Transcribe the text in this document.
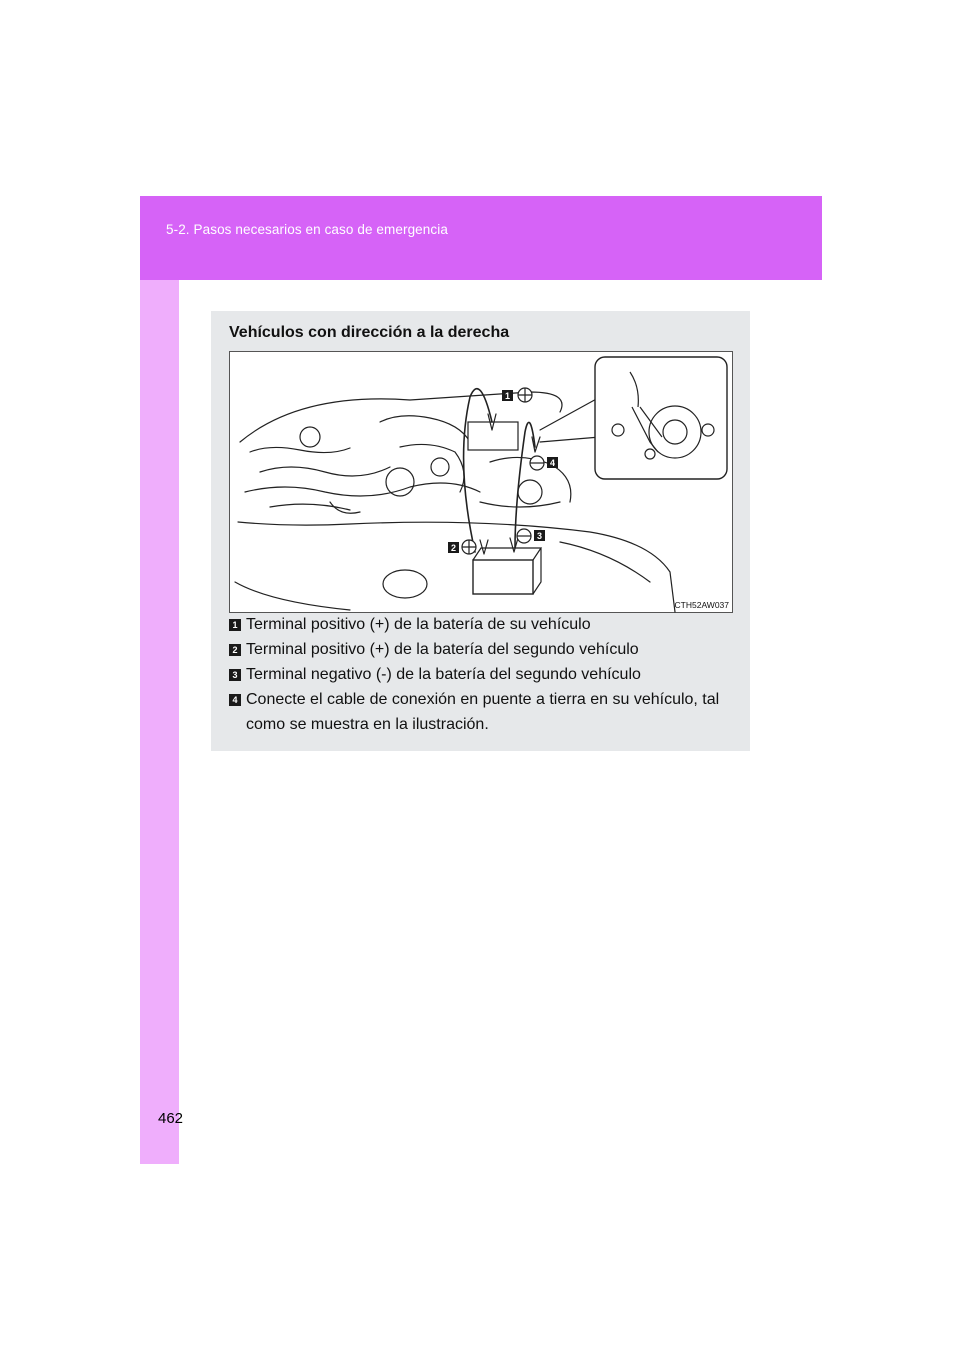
5-2. Pasos necesarios en caso de emergencia
462
Vehículos con dirección a la derecha
1
4
2
3
CTH52AW037
1 Terminal positivo (+) de la batería de su vehículo
2 Terminal positivo (+) de la batería del segundo vehículo
3 Terminal negativo (-) de la batería del segundo vehículo
4 Conecte el cable de conexión en puente a tierra en su vehículo, tal como se muestra en la ilustración.
